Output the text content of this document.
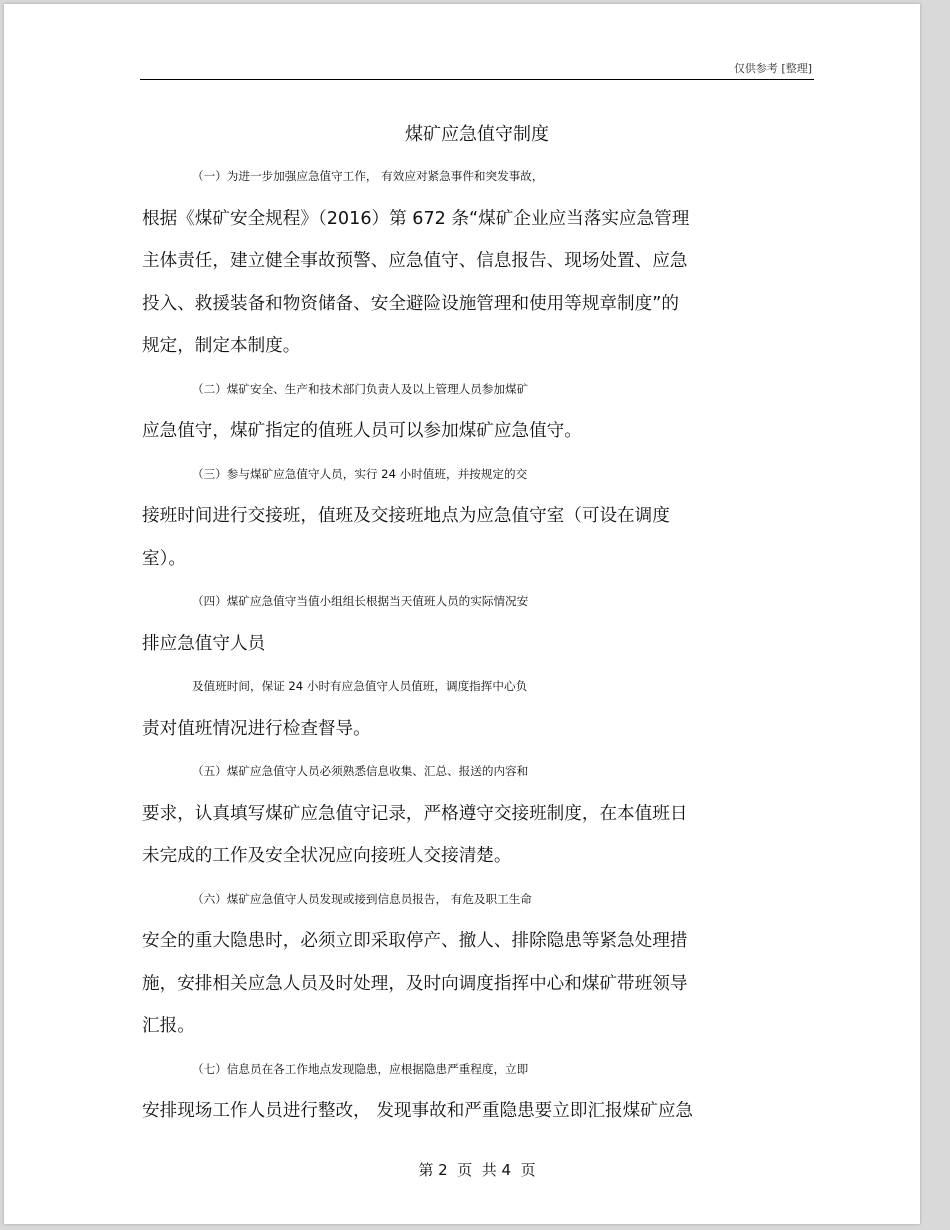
仅供参考 [整理]
煤矿应急值守制度
（一）为进一步加强应急值守工作， 有效应对紧急事件和突发事故，
根据《煤矿安全规程》（2016）第 672 条“煤矿企业应当落实应急管理
主体责任，建立健全事故预警、应急值守、信息报告、现场处置、应急
投入、救援装备和物资储备、安全避险设施管理和使用等规章制度”的
规定，制定本制度。
（二）煤矿安全、生产和技术部门负责人及以上管理人员参加煤矿
应急值守，煤矿指定的值班人员可以参加煤矿应急值守。
（三）参与煤矿应急值守人员，实行 24 小时值班，并按规定的交
接班时间进行交接班，值班及交接班地点为应急值守室（可设在调度
室）。
（四）煤矿应急值守当值小组组长根据当天值班人员的实际情况安
排应急值守人员
及值班时间，保证 24 小时有应急值守人员值班，调度指挥中心负
责对值班情况进行检查督导。
（五）煤矿应急值守人员必须熟悉信息收集、汇总、报送的内容和
要求，认真填写煤矿应急值守记录，严格遵守交接班制度，在本值班日
未完成的工作及安全状况应向接班人交接清楚。
（六）煤矿应急值守人员发现或接到信息员报告， 有危及职工生命
安全的重大隐患时，必须立即采取停产、撤人、排除隐患等紧急处理措
施，安排相关应急人员及时处理，及时向调度指挥中心和煤矿带班领导
汇报。
（七）信息员在各工作地点发现隐患，应根据隐患严重程度，立即
安排现场工作人员进行整改， 发现事故和严重隐患要立即汇报煤矿应急
第 2  页  共 4  页
